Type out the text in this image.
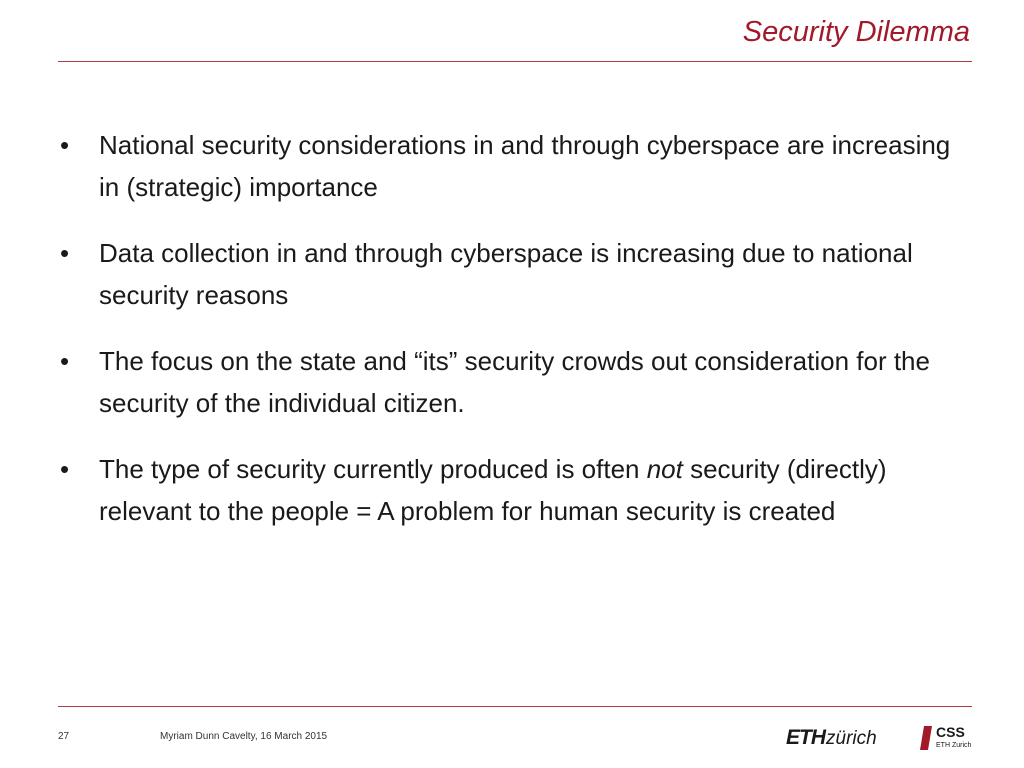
Security Dilemma
•	National security considerations in and through cyberspace are increasing in (strategic) importance
•	Data collection in and through cyberspace is increasing due to national security reasons
•	The focus on the state and “its” security crowds out consideration for the security of the individual citizen.
•	The type of security currently produced is often not security (directly) relevant to the people = A problem for human security is created
27	Myriam Dunn Cavelty, 16 March 2015	ETH zürich	CSS
ETH Zurich
